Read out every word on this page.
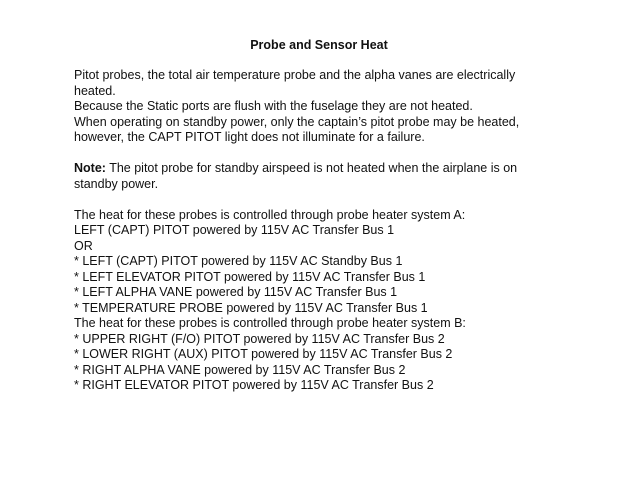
Probe and Sensor Heat
Pitot probes, the total air temperature probe and the alpha vanes are electrically
heated.
Because the Static ports are flush with the fuselage they are not heated.
When operating on standby power, only the captain’s pitot probe may be heated,
however, the CAPT PITOT light does not illuminate for a failure.
Note: The pitot probe for standby airspeed is not heated when the airplane is on
standby power.
The heat for these probes is controlled through probe heater system A:
LEFT (CAPT) PITOT powered by 115V AC Transfer Bus 1
OR
* LEFT (CAPT) PITOT powered by 115V AC Standby Bus 1
* LEFT ELEVATOR PITOT powered by 115V AC Transfer Bus 1
* LEFT ALPHA VANE powered by 115V AC Transfer Bus 1
* TEMPERATURE PROBE powered by 115V AC Transfer Bus 1
The heat for these probes is controlled through probe heater system B:
* UPPER RIGHT (F/O) PITOT powered by 115V AC Transfer Bus 2
* LOWER RIGHT (AUX) PITOT powered by 115V AC Transfer Bus 2
* RIGHT ALPHA VANE powered by 115V AC Transfer Bus 2
* RIGHT ELEVATOR PITOT powered by 115V AC Transfer Bus 2
